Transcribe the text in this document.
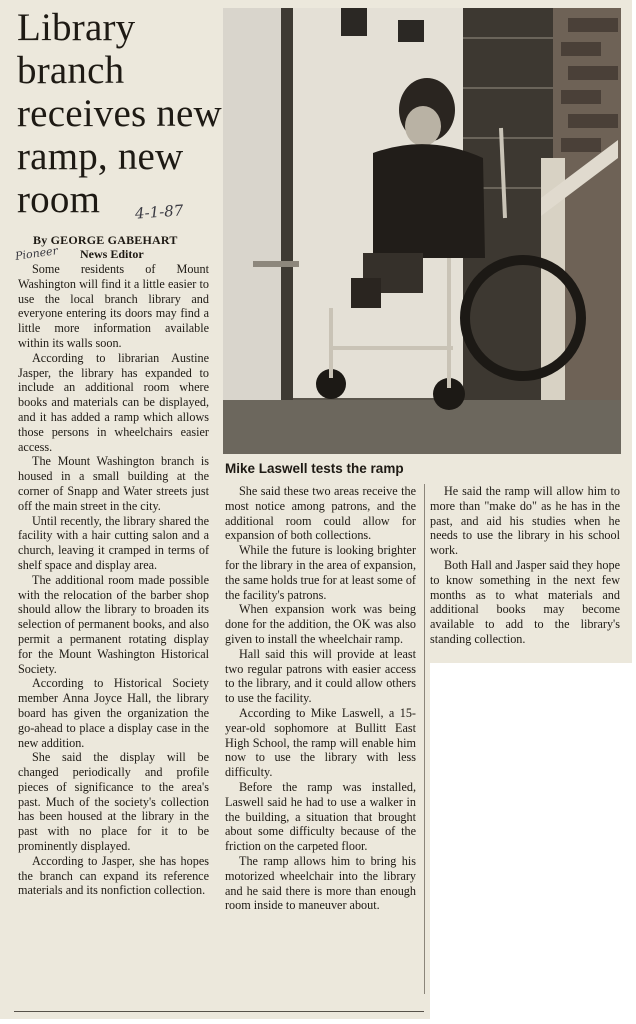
Library branch receives new ramp, new room	4-1-87
Pioneer
By GEORGE GABEHART
News Editor
Mike Laswell tests the ramp

Some residents of Mount Washington will find it a little easier to use the local branch library and everyone entering its doors may find a little more information available within its walls soon.

According to librarian Austine Jasper, the library has expanded to include an additional room where books and materials can be displayed, and it has added a ramp which allows those persons in wheelchairs easier access.

The Mount Washington branch is housed in a small building at the corner of Snapp and Water streets just off the main street in the city.

Until recently, the library shared the facility with a hair cutting salon and a church, leaving it cramped in terms of shelf space and display area.

The additional room made possible with the relocation of the barber shop should allow the library to broaden its selection of permanent books, and also permit a permanent rotating display for the Mount Washington Historical Society.

According to Historical Society member Anna Joyce Hall, the library board has given the organization the go-ahead to place a display case in the new addition.

She said the display will be changed periodically and profile pieces of significance to the area's past. Much of the society's collection has been housed at the library in the past with no place for it to be prominently displayed.

According to Jasper, she has hopes the branch can expand its reference materials and its nonfiction collection.

She said these two areas receive the most notice among patrons, and the additional room could allow for expansion of both collections.

While the future is looking brighter for the library in the area of expansion, the same holds true for at least some of the facility's patrons.

When expansion work was being done for the addition, the OK was also given to install the wheelchair ramp.

Hall said this will provide at least two regular patrons with easier access to the library, and it could allow others to use the facility.

According to Mike Laswell, a 15-year-old sophomore at Bullitt East High School, the ramp will enable him now to use the library with less difficulty.

Before the ramp was installed, Laswell said he had to use a walker in the building, a situation that brought about some difficulty because of the friction on the carpeted floor.

The ramp allows him to bring his motorized wheelchair into the library and he said there is more than enough room inside to maneuver about.

He said the ramp will allow him to more than "make do" as he has in the past, and aid his studies when he needs to use the library in his school work.

Both Hall and Jasper said they hope to know something in the next few months as to what materials and additional books may become available to add to the library's standing collection.
